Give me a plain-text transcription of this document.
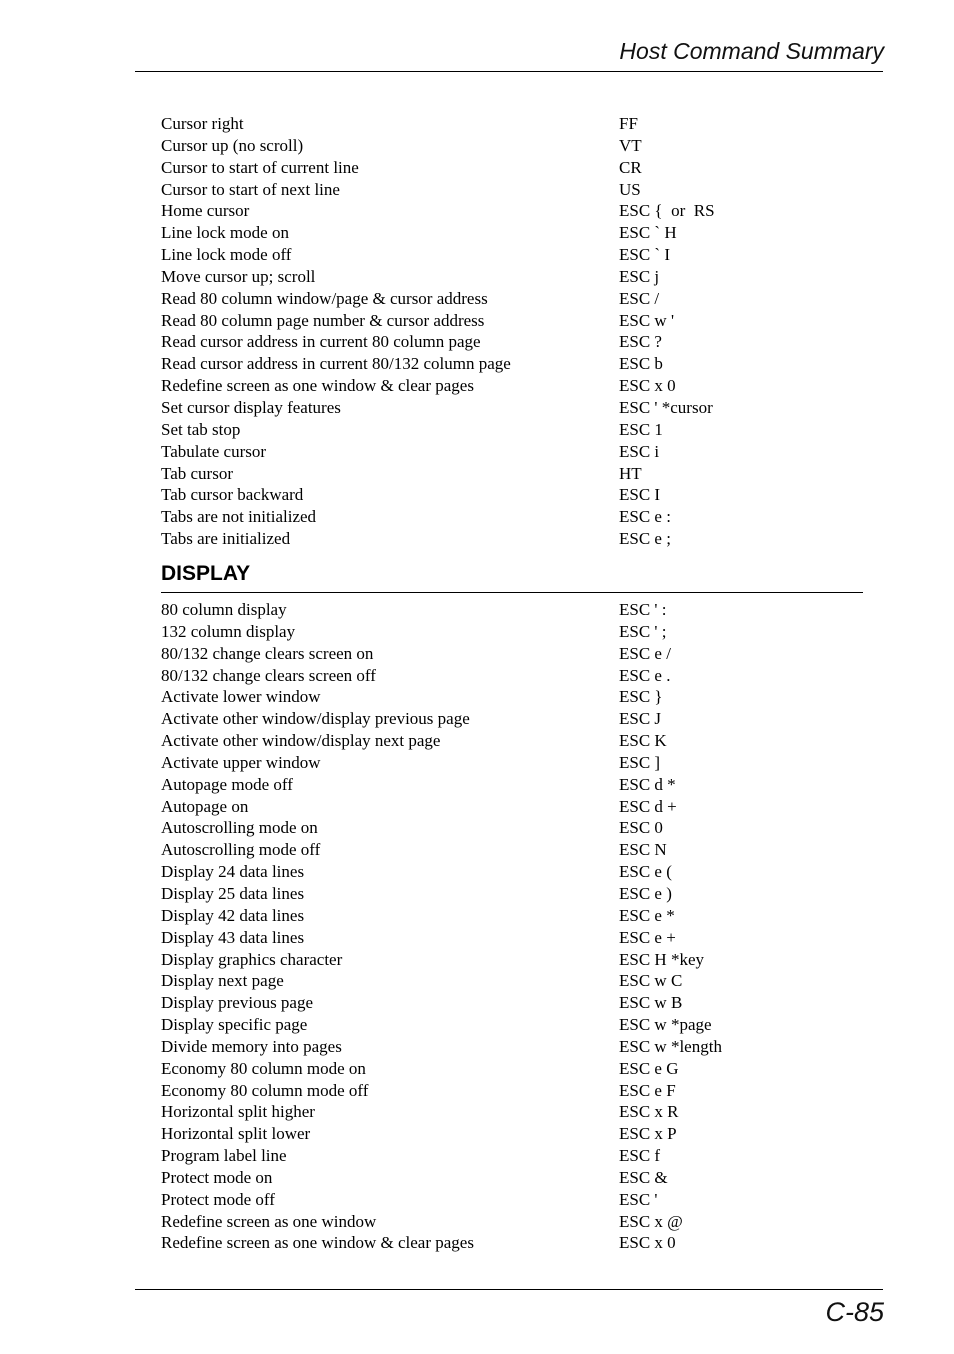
Host Command Summary
Cursor right	FF
Cursor up (no scroll)	VT
Cursor to start of current line	CR
Cursor to start of next line	US
Home cursor	ESC {  or  RS
Line lock mode on	ESC ` H
Line lock mode off	ESC ` I
Move cursor up; scroll	ESC j
Read 80 column window/page & cursor address	ESC /
Read 80 column page number & cursor address	ESC w '
Read cursor address in current 80 column page	ESC ?
Read cursor address in current 80/132 column page	ESC b
Redefine screen as one window & clear pages	ESC x 0
Set cursor display features	ESC ' *cursor
Set tab stop	ESC 1
Tabulate cursor	ESC i
Tab cursor	HT
Tab cursor backward	ESC I
Tabs are not initialized	ESC e :
Tabs are initialized	ESC e ;
DISPLAY
80 column display	ESC ' :
132 column display	ESC ' ;
80/132 change clears screen on	ESC e /
80/132 change clears screen off	ESC e .
Activate lower window	ESC }
Activate other window/display previous page	ESC J
Activate other window/display next page	ESC K
Activate upper window	ESC ]
Autopage mode off	ESC d *
Autopage on	ESC d +
Autoscrolling mode on	ESC 0
Autoscrolling mode off	ESC N
Display 24 data lines	ESC e (
Display 25 data lines	ESC e )
Display 42 data lines	ESC e *
Display 43 data lines	ESC e +
Display graphics character	ESC H *key
Display next page	ESC w C
Display previous page	ESC w B
Display specific page	ESC w *page
Divide memory into pages	ESC w *length
Economy 80 column mode on	ESC e G
Economy 80 column mode off	ESC e F
Horizontal split higher	ESC x R
Horizontal split lower	ESC x P
Program label line	ESC f
Protect mode on	ESC &
Protect mode off	ESC '
Redefine screen as one window	ESC x @
Redefine screen as one window & clear pages	ESC x 0
C-85
